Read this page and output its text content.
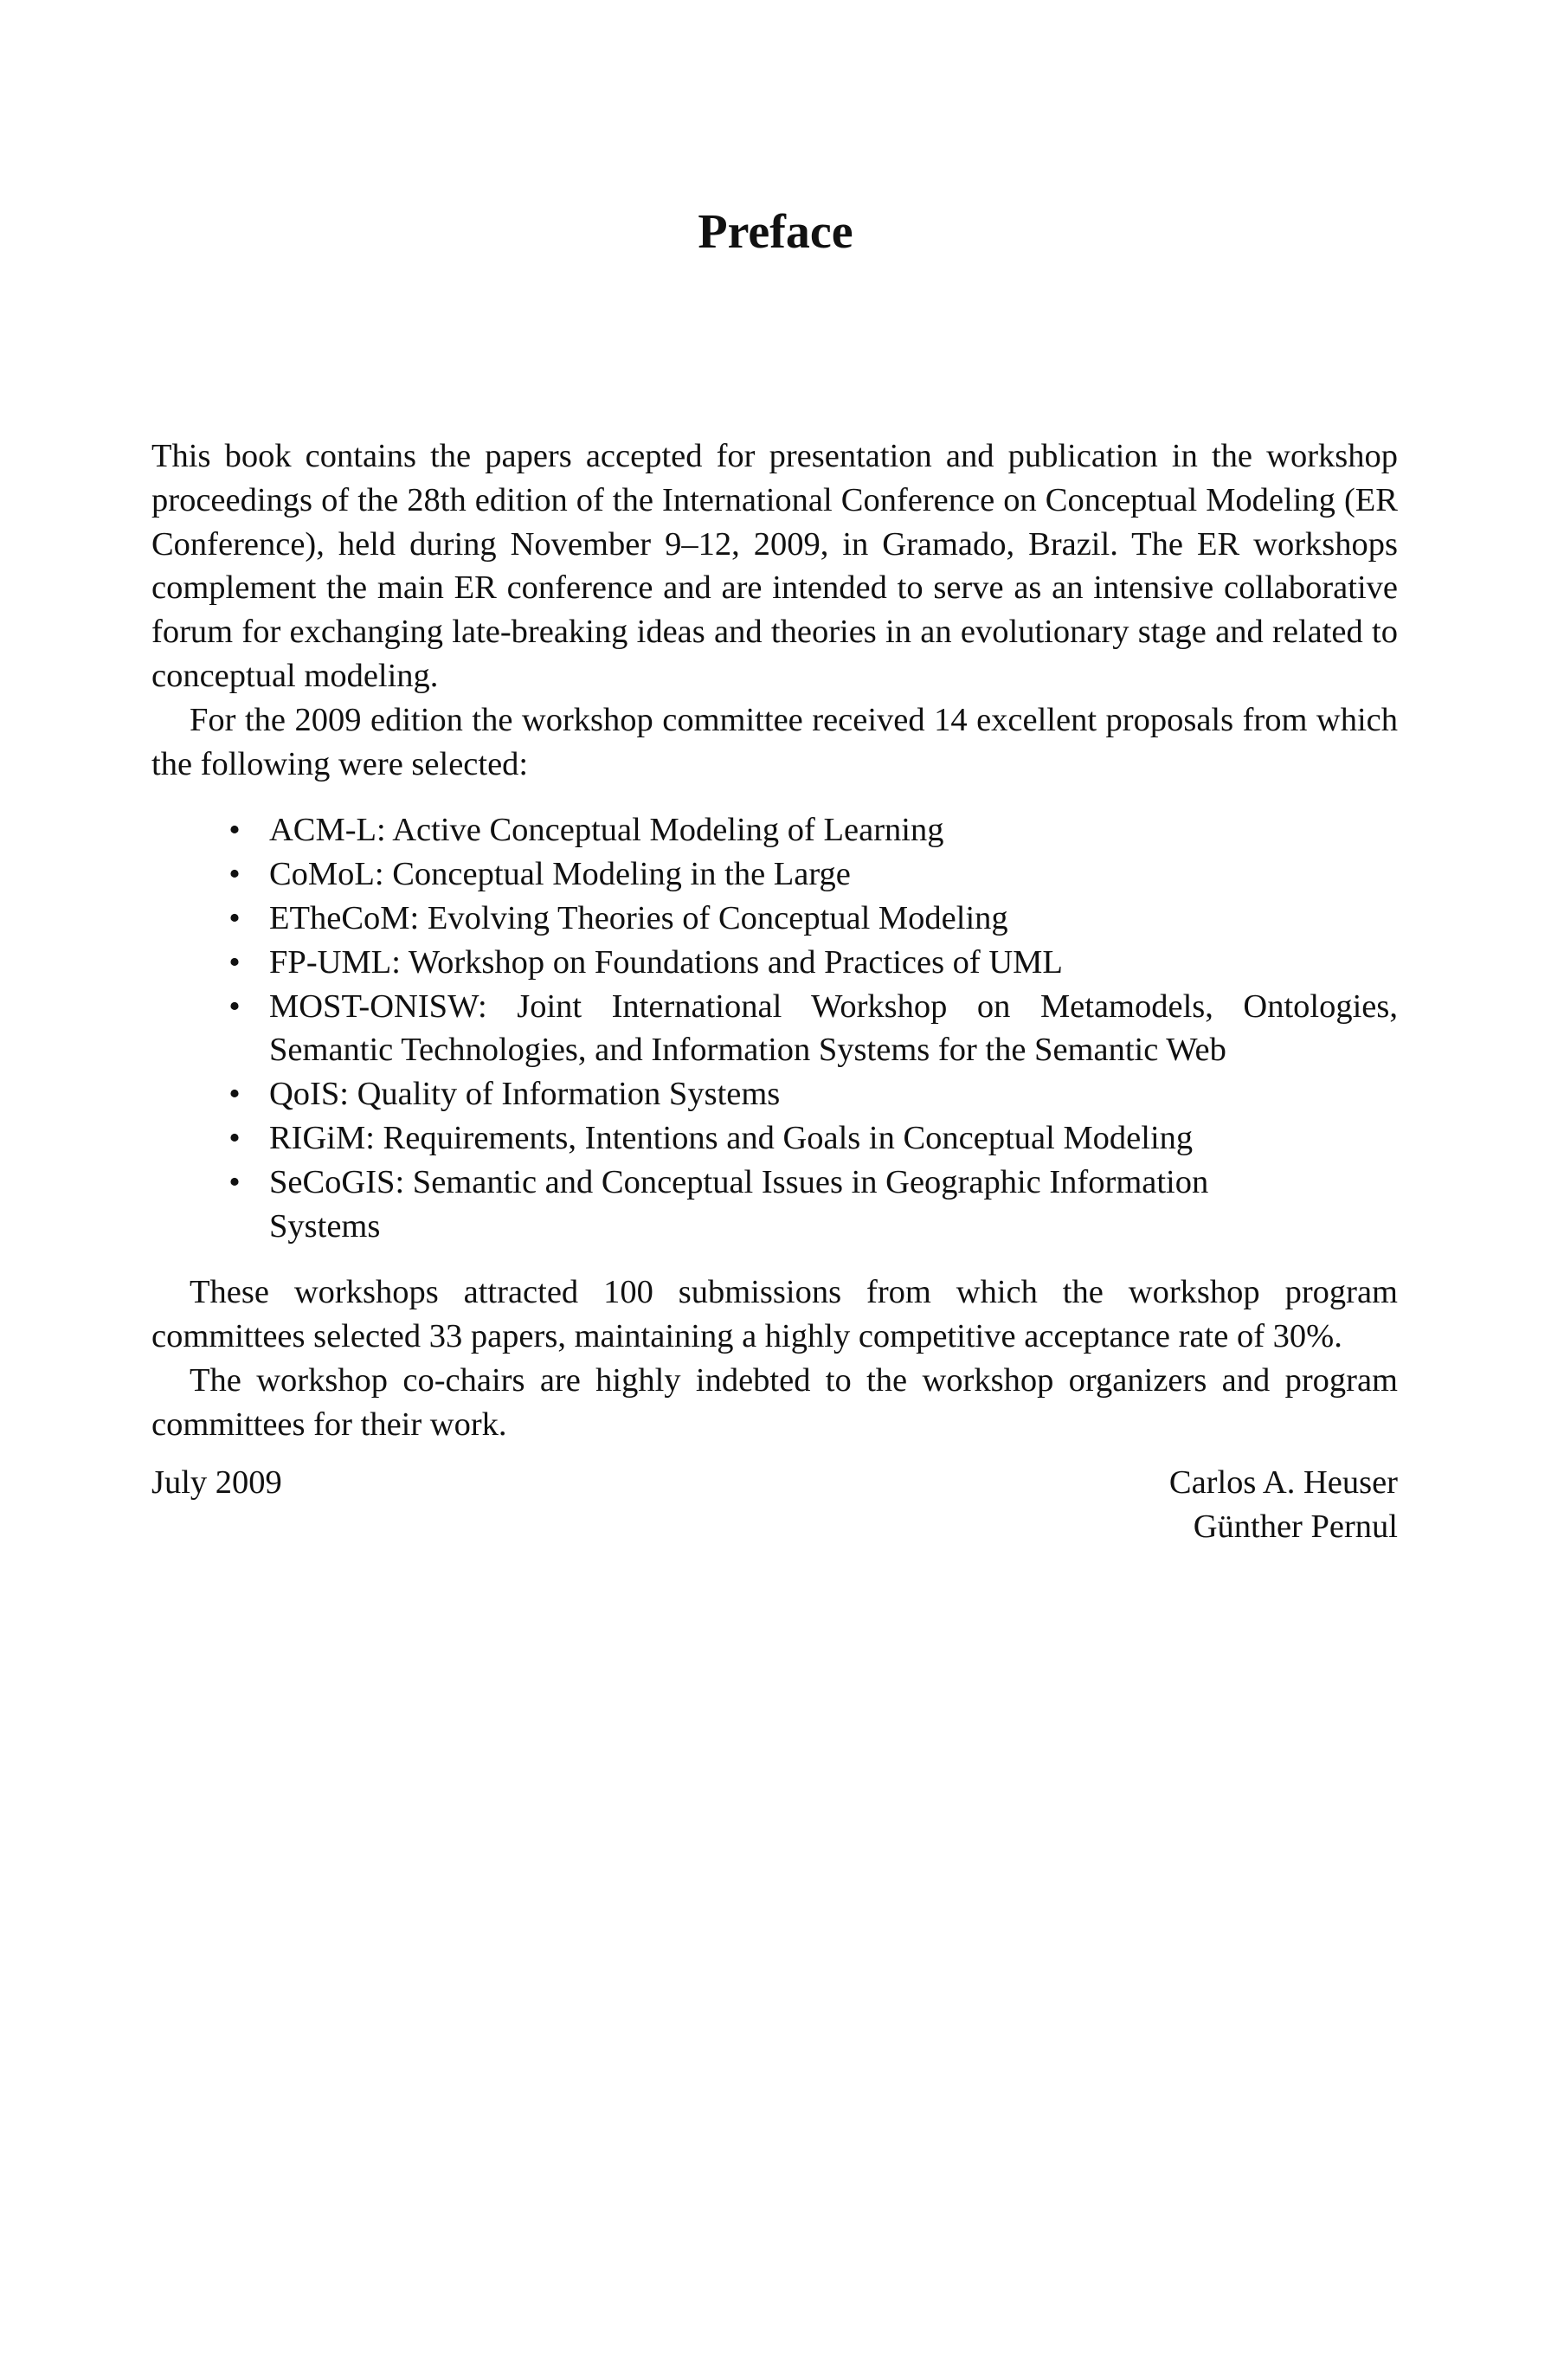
Preface

This book contains the papers accepted for presentation and publication in the workshop proceedings of the 28th edition of the International Conference on Conceptual Modeling (ER Conference), held during November 9–12, 2009, in Gramado, Brazil. The ER workshops complement the main ER conference and are intended to serve as an intensive collaborative forum for exchanging late-breaking ideas and theories in an evolutionary stage and related to conceptual modeling.

For the 2009 edition the workshop committee received 14 excellent proposals from which the following were selected:

• ACM-L: Active Conceptual Modeling of Learning
• CoMoL: Conceptual Modeling in the Large
• ETheCoM: Evolving Theories of Conceptual Modeling
• FP-UML: Workshop on Foundations and Practices of UML
• MOST-ONISW: Joint International Workshop on Metamodels, Ontologies, Semantic Technologies, and Information Systems for the Semantic Web
• QoIS: Quality of Information Systems
• RIGiM: Requirements, Intentions and Goals in Conceptual Modeling
• SeCoGIS: Semantic and Conceptual Issues in Geographic Information Systems

These workshops attracted 100 submissions from which the workshop program committees selected 33 papers, maintaining a highly competitive acceptance rate of 30%.

The workshop co-chairs are highly indebted to the workshop organizers and program committees for their work.

July 2009	Carlos A. Heuser
Günther Pernul
